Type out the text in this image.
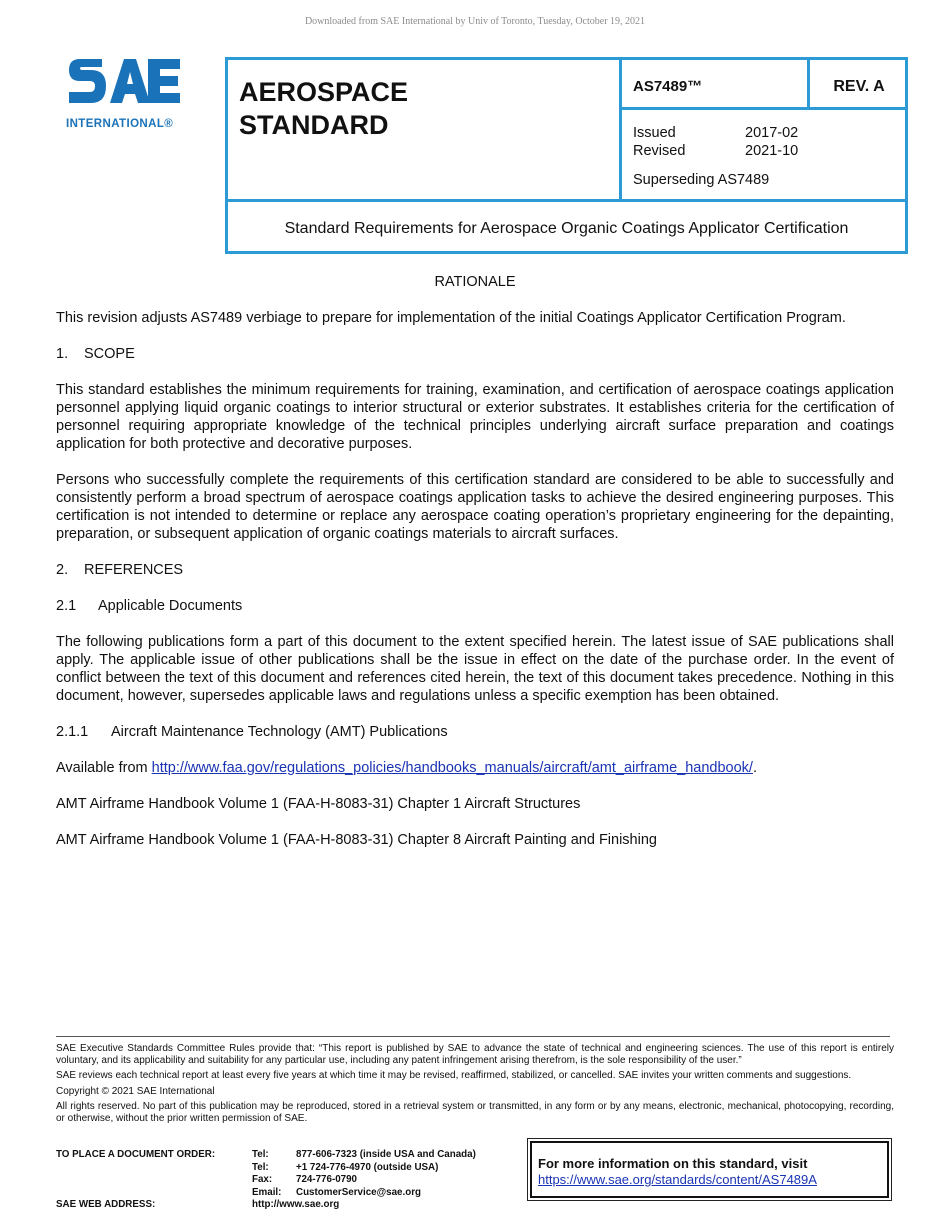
Downloaded from SAE International by Univ of Toronto, Tuesday, October 19, 2021
INTERNATIONAL®
AEROSPACE
STANDARD
AS7489™	REV. A
Issued	2017-02
Revised	2021-10
Superseding AS7489
Standard Requirements for Aerospace Organic Coatings Applicator Certification

RATIONALE

This revision adjusts AS7489 verbiage to prepare for implementation of the initial Coatings Applicator Certification Program.

1. SCOPE

This standard establishes the minimum requirements for training, examination, and certification of aerospace coatings application personnel applying liquid organic coatings to interior structural or exterior substrates. It establishes criteria for the certification of personnel requiring appropriate knowledge of the technical principles underlying aircraft surface preparation and coatings application for both protective and decorative purposes.

Persons who successfully complete the requirements of this certification standard are considered to be able to successfully and consistently perform a broad spectrum of aerospace coatings application tasks to achieve the desired engineering purposes. This certification is not intended to determine or replace any aerospace coating operation’s proprietary engineering for the depainting, preparation, or subsequent application of organic coatings materials to aircraft surfaces.

2. REFERENCES

2.1 Applicable Documents

The following publications form a part of this document to the extent specified herein. The latest issue of SAE publications shall apply. The applicable issue of other publications shall be the issue in effect on the date of the purchase order. In the event of conflict between the text of this document and references cited herein, the text of this document takes precedence. Nothing in this document, however, supersedes applicable laws and regulations unless a specific exemption has been obtained.

2.1.1 Aircraft Maintenance Technology (AMT) Publications

Available from http://www.faa.gov/regulations_policies/handbooks_manuals/aircraft/amt_airframe_handbook/.

AMT Airframe Handbook Volume 1 (FAA-H-8083-31) Chapter 1 Aircraft Structures

AMT Airframe Handbook Volume 1 (FAA-H-8083-31) Chapter 8 Aircraft Painting and Finishing

SAE Executive Standards Committee Rules provide that: “This report is published by SAE to advance the state of technical and engineering sciences. The use of this report is entirely voluntary, and its applicability and suitability for any particular use, including any patent infringement arising therefrom, is the sole responsibility of the user.”

SAE reviews each technical report at least every five years at which time it may be revised, reaffirmed, stabilized, or cancelled. SAE invites your written comments and suggestions.

Copyright © 2021 SAE International

All rights reserved. No part of this publication may be reproduced, stored in a retrieval system or transmitted, in any form or by any means, electronic, mechanical, photocopying, recording, or otherwise, without the prior written permission of SAE.

TO PLACE A DOCUMENT ORDER:	Tel:	877-606-7323 (inside USA and Canada)
Tel:	+1 724-776-4970 (outside USA)
Fax:	724-776-0790
Email:	CustomerService@sae.org
SAE WEB ADDRESS:	http://www.sae.org
For more information on this standard, visit
https://www.sae.org/standards/content/AS7489A
